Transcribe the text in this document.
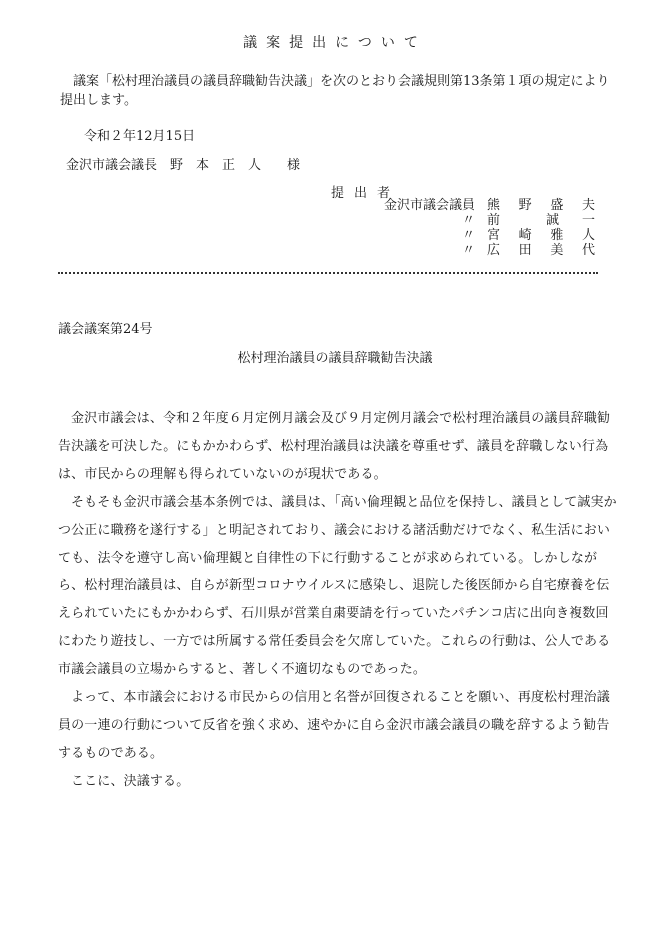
議案提出について
議案「松村理治議員の議員辞職勧告決議」を次のとおり会議規則第13条第１項の規定により提出します。
令和２年12月15日
金沢市議会議長　野　本　正　人 様
提出者
金沢市議会議員 熊 野 盛 夫
〃 前	誠 一
〃 宮 崎 雅 人
〃 広 田 美 代
議会議案第24号
松村理治議員の議員辞職勧告決議

金沢市議会は、令和２年度６月定例月議会及び９月定例月議会で松村理治議員の議員辞職勧告決議を可決した。にもかかわらず、松村理治議員は決議を尊重せず、議員を辞職しない行為は、市民からの理解も得られていないのが現状である。

そもそも金沢市議会基本条例では、議員は、「高い倫理観と品位を保持し、議員として誠実かつ公正に職務を遂行する」と明記されており、議会における諸活動だけでなく、私生活においても、法令を遵守し高い倫理観と自律性の下に行動することが求められている。しかしながら、松村理治議員は、自らが新型コロナウイルスに感染し、退院した後医師から自宅療養を伝えられていたにもかかわらず、石川県が営業自粛要請を行っていたパチンコ店に出向き複数回にわたり遊技し、一方では所属する常任委員会を欠席していた。これらの行動は、公人である市議会議員の立場からすると、著しく不適切なものであった。

よって、本市議会における市民からの信用と名誉が回復されることを願い、再度松村理治議員の一連の行動について反省を強く求め、速やかに自ら金沢市議会議員の職を辞するよう勧告するものである。

ここに、決議する。
